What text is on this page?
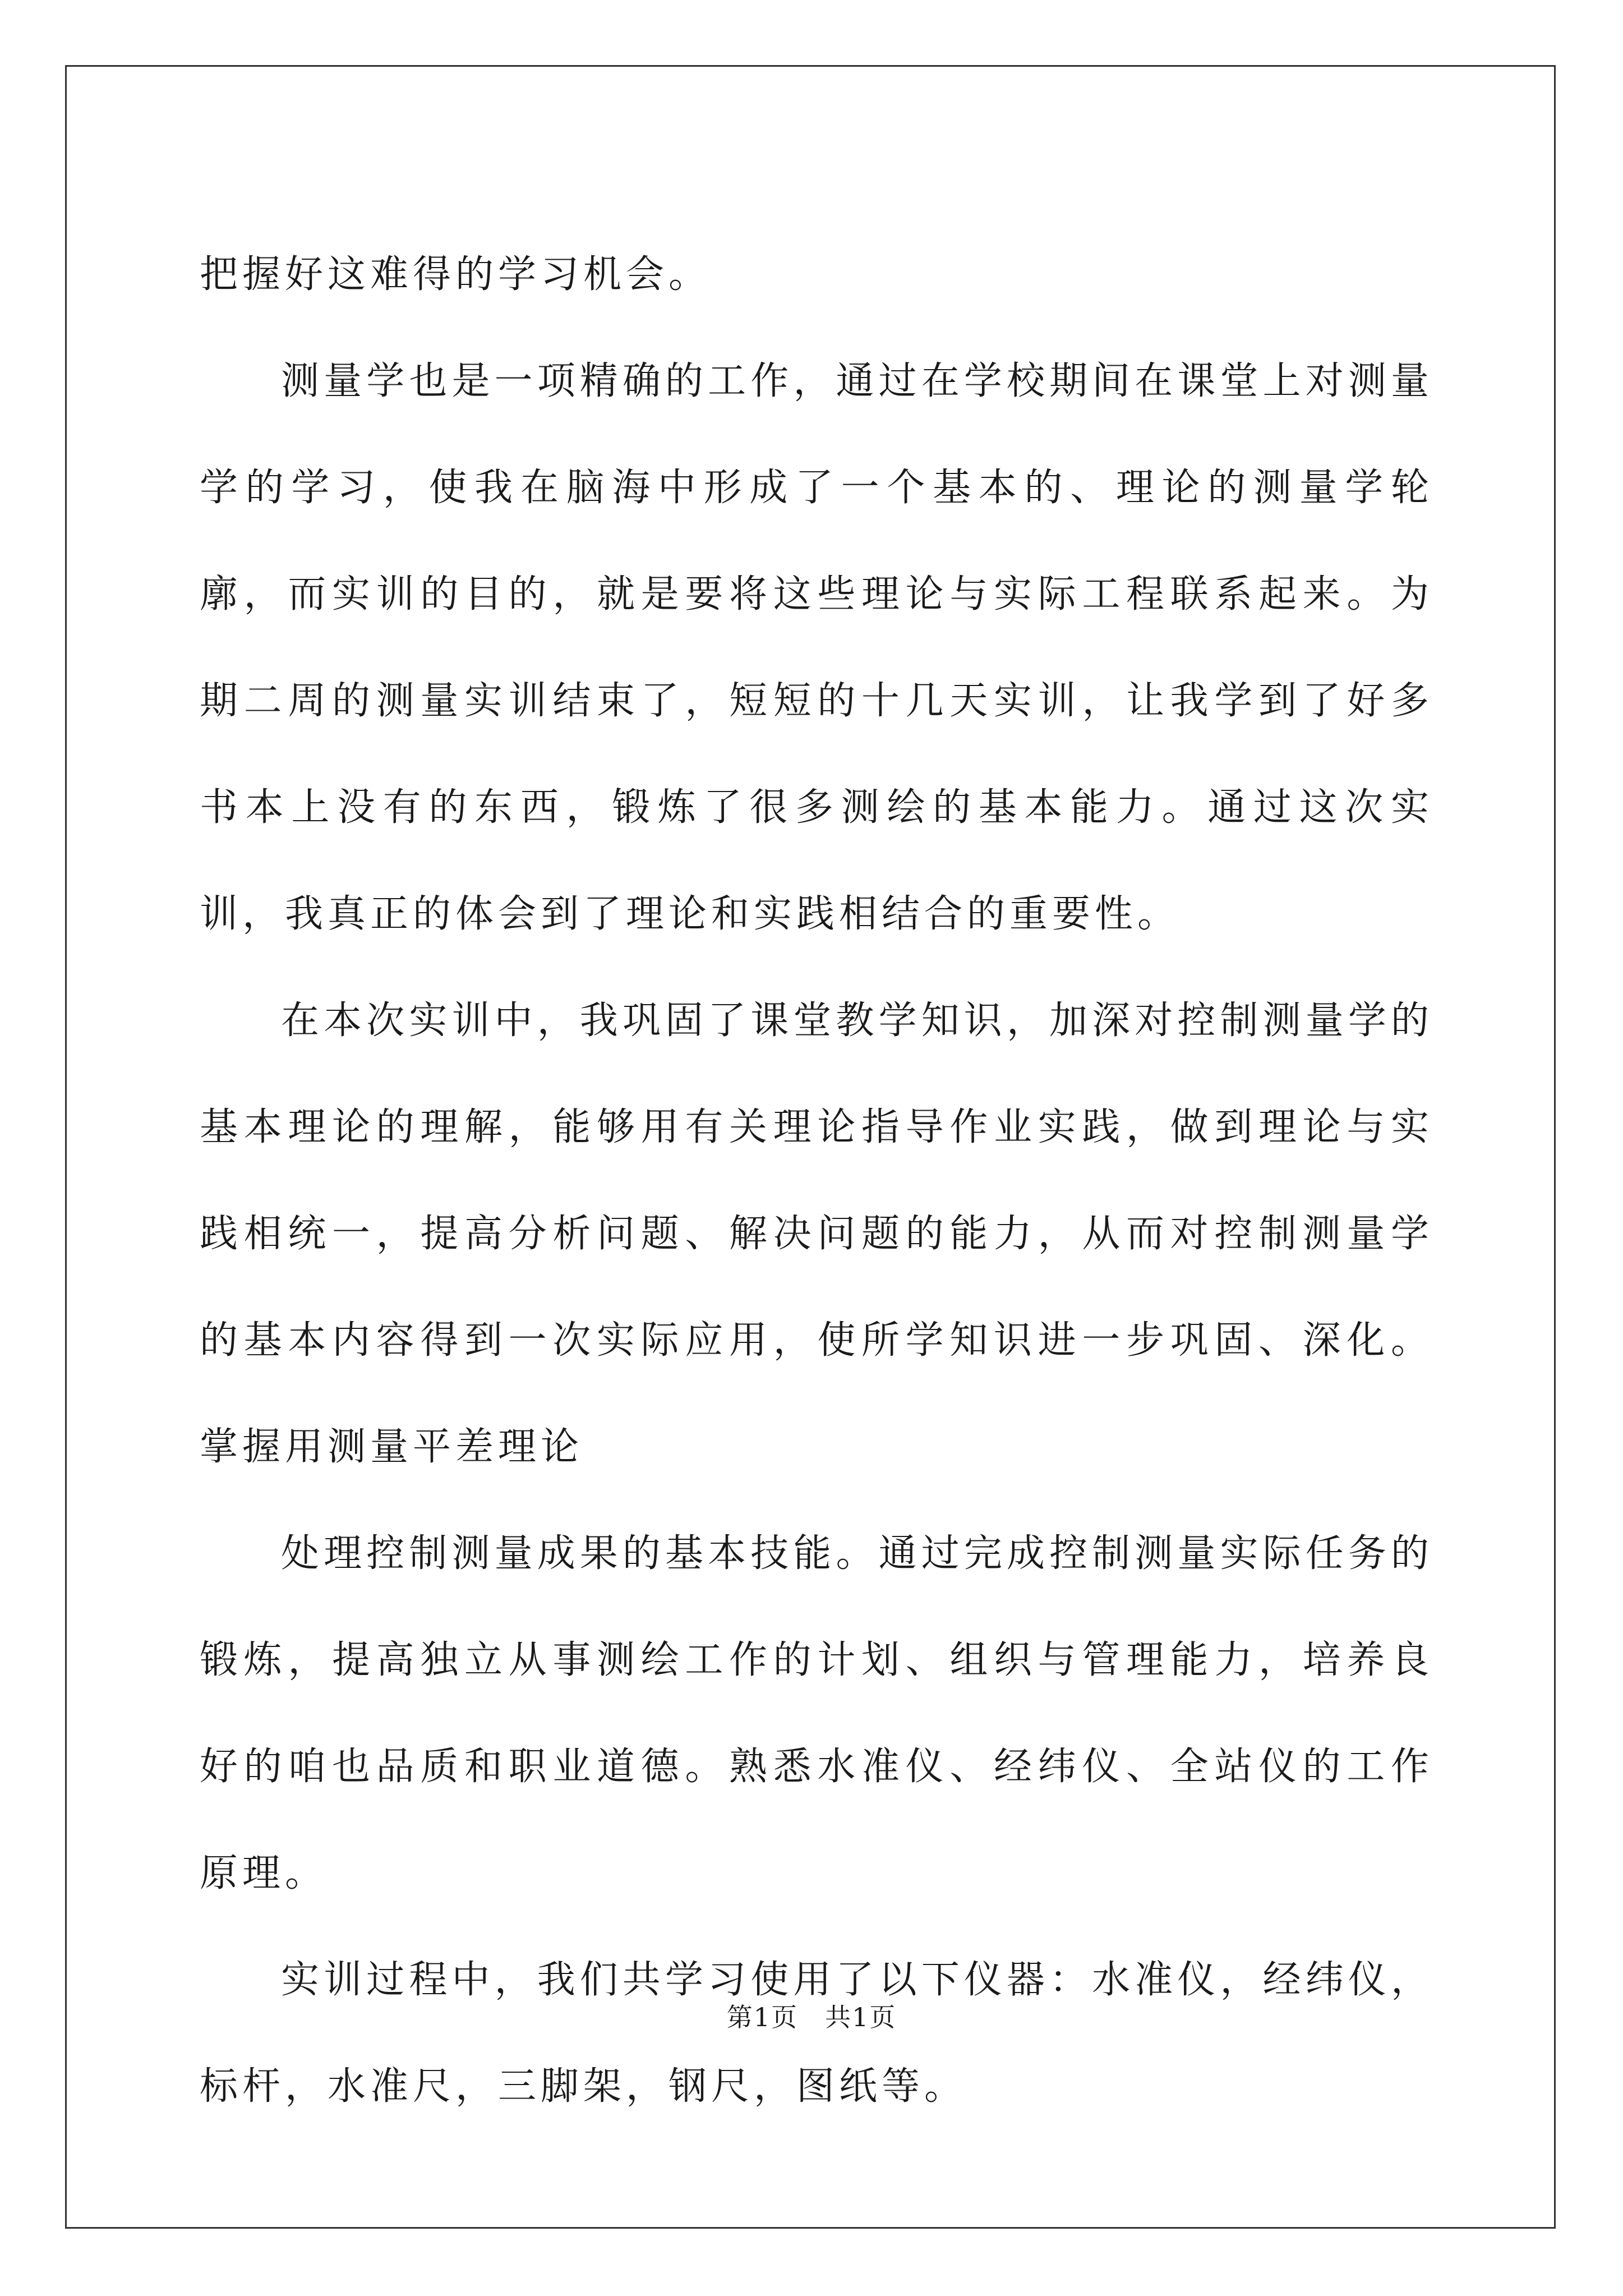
把握好这难得的学习机会。

测量学也是一项精确的工作，通过在学校期间在课堂上对测量学的学习，使我在脑海中形成了一个基本的、理论的测量学轮廓，而实训的目的，就是要将这些理论与实际工程联系起来。为期二周的测量实训结束了，短短的十几天实训，让我学到了好多书本上没有的东西，锻炼了很多测绘的基本能力。通过这次实训，我真正的体会到了理论和实践相结合的重要性。

在本次实训中，我巩固了课堂教学知识，加深对控制测量学的基本理论的理解，能够用有关理论指导作业实践，做到理论与实践相统一，提高分析问题、解决问题的能力，从而对控制测量学的基本内容得到一次实际应用，使所学知识进一步巩固、深化。掌握用测量平差理论

处理控制测量成果的基本技能。通过完成控制测量实际任务的锻炼，提高独立从事测绘工作的计划、组织与管理能力，培养良好的咱也品质和职业道德。熟悉水准仪、经纬仪、全站仪的工作原理。

实训过程中，我们共学习使用了以下仪器：水准仪，经纬仪，标杆，水准尺，三脚架，钢尺，图纸等。

第1页　共1页
